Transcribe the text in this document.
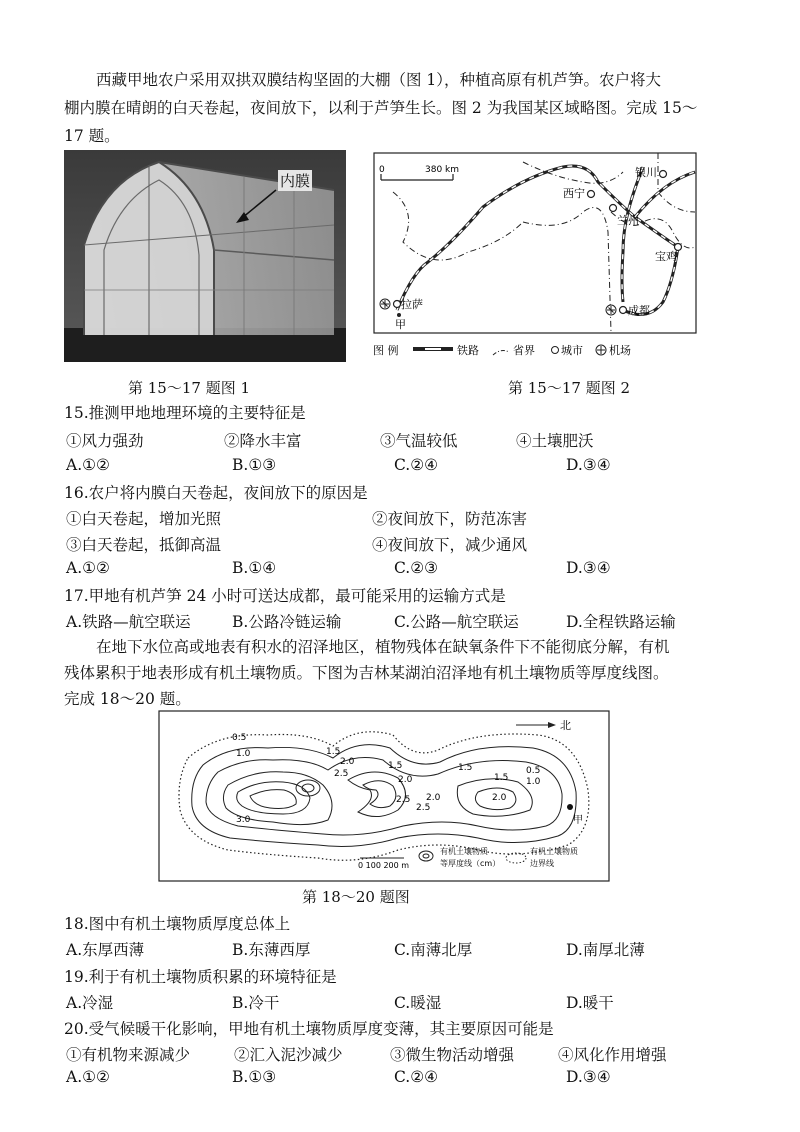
西藏甲地农户采用双拱双膜结构坚固的大棚（图 1），种植高原有机芦笋。农户将大
棚内膜在晴朗的白天卷起，夜间放下，以利于芦笋生长。图 2 为我国某区域略图。完成 15～
17 题。
内膜
第 15～17 题图 1
0	380 km	银川
西宁
兰州
宝鸡
拉萨
甲
成都
图 例	铁路	省界 城市 机场
第 15～17 题图 2
15.推测甲地地理环境的主要特征是
①风力强劲	②降水丰富	③气温较低	④土壤肥沃
A.①②	B.①③	C.②④	D.③④
16.农户将内膜白天卷起，夜间放下的原因是
①白天卷起，增加光照	②夜间放下，防范冻害
③白天卷起，抵御高温	④夜间放下，减少通风
A.①②	B.①④	C.②③	D.③④
17.甲地有机芦笋 24 小时可送达成都，最可能采用的运输方式是
A.铁路—航空联运	B.公路冷链运输	C.公路—航空联运	D.全程铁路运输
在地下水位高或地表有积水的沼泽地区，植物残体在缺氧条件下不能彻底分解，有机
残体累积于地表形成有机土壤物质。下图为吉林某湖泊沼泽地有机土壤物质等厚度线图。
完成 18～20 题。
北
0.5
1.0	1.5
2.0
2.5
3.0
1.5
2.0
2.5
1.5
2.0
2.5
0.5
1.0
1.5
2.0
甲
0 100 200 m
有机土壤物质
等厚度线（cm）
有机土壤物质
边界线
第 18～20 题图
18.图中有机土壤物质厚度总体上
A.东厚西薄	B.东薄西厚	C.南薄北厚	D.南厚北薄
19.利于有机土壤物质积累的环境特征是
A.冷湿	B.冷干	C.暖湿	D.暖干
20.受气候暖干化影响，甲地有机土壤物质厚度变薄，其主要原因可能是
①有机物来源减少	②汇入泥沙减少	③微生物活动增强	④风化作用增强
A.①②	B.①③	C.②④	D.③④
